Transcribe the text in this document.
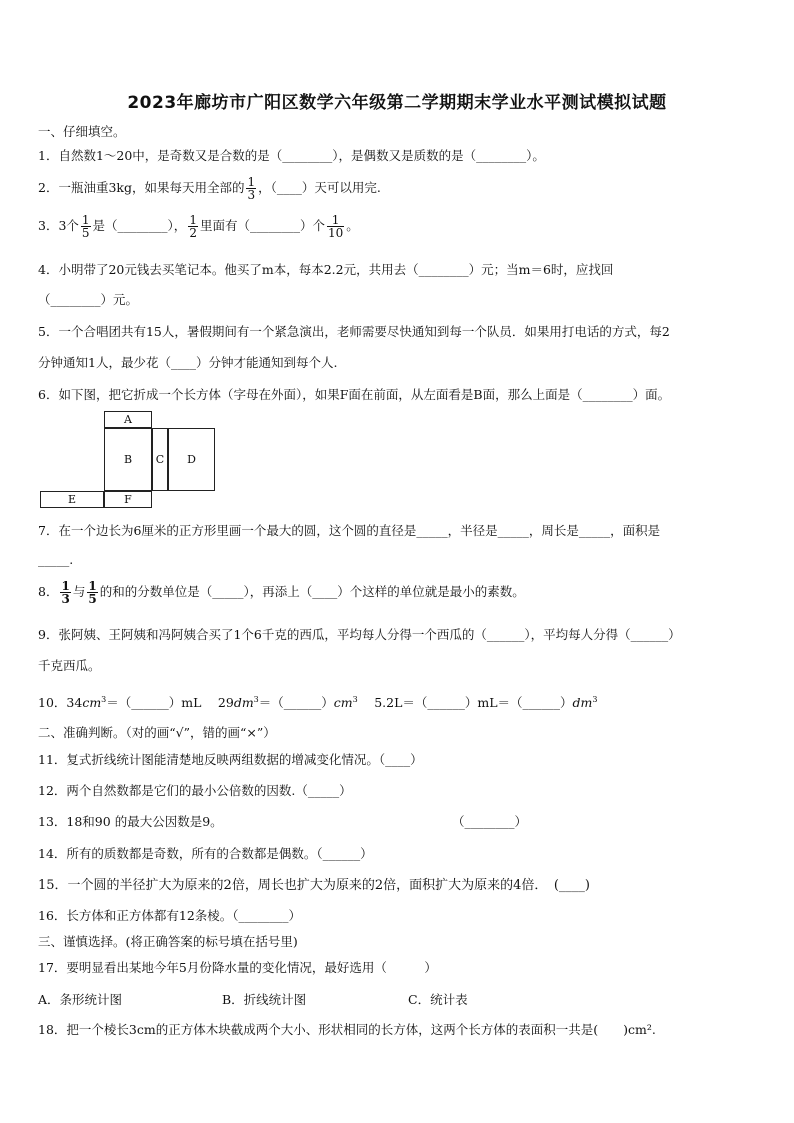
2023年廊坊市广阳区数学六年级第二学期期末学业水平测试模拟试题
一、仔细填空。
1．自然数1～20中，是奇数又是合数的是（________），是偶数又是质数的是（________）。
2．一瓶油重3kg，如果每天用全部的 $\frac{1}{3}$ ，（____）天可以用完.
3．3个 $\frac{1}{5}$ 是（________）， $\frac{1}{2}$ 里面有（________）个 $\frac{1}{10}$ 。
4．小明带了20元钱去买笔记本。他买了m本，每本2.2元，共用去（________）元；当m＝6时，应找回
（________）元。
5．一个合唱团共有15人，暑假期间有一个紧急演出，老师需要尽快通知到每一个队员．如果用打电话的方式，每2
分钟通知1人，最少花（____）分钟才能通知到每个人.
6．如下图，把它折成一个长方体（字母在外面），如果F面在前面，从左面看是B面，那么上面是（________）面。
A
B	C	D
E	F
7．在一个边长为6厘米的正方形里画一个最大的圆，这个圆的直径是_____，半径是_____，周长是_____，面积是
_____.
8． $\frac{1}{3}$ 与 $\frac{1}{5}$ 的和的分数单位是（_____），再添上（____）个这样的单位就是最小的素数。
9．张阿姨、王阿姨和冯阿姨合买了1个6千克的西瓜，平均每人分得一个西瓜的（______），平均每人分得（______）
千克西瓜。
10．$34cm^3=(\_\_\_\_\_\_)mL$　 $29dm^3=(\_\_\_\_\_\_)cm^3$　 $5.2L=(\_\_\_\_\_\_)mL=(\_\_\_\_\_\_)dm^3$
二、准确判断。（对的画“√”，错的画“×”）
11．复式折线统计图能清楚地反映两组数据的增减变化情况。（____）
12．两个自然数都是它们的最小公倍数的因数.（_____）
13．18和90 的最大公因数是9。	（________）
14．所有的质数都是奇数，所有的合数都是偶数。（______）
15．一个圆的半径扩大为原来的2倍，周长也扩大为原来的2倍，面积扩大为原来的4倍．　(____)
16．长方体和正方体都有12条棱。（________）
三、谨慎选择。(将正确答案的标号填在括号里)
17．要明显看出某地今年5月份降水量的变化情况，最好选用（　　　）
A．条形统计图	B．折线统计图	C．统计表
18．把一个棱长3cm的正方体木块截成两个大小、形状相同的长方体，这两个长方体的表面积一共是(　　)cm².
